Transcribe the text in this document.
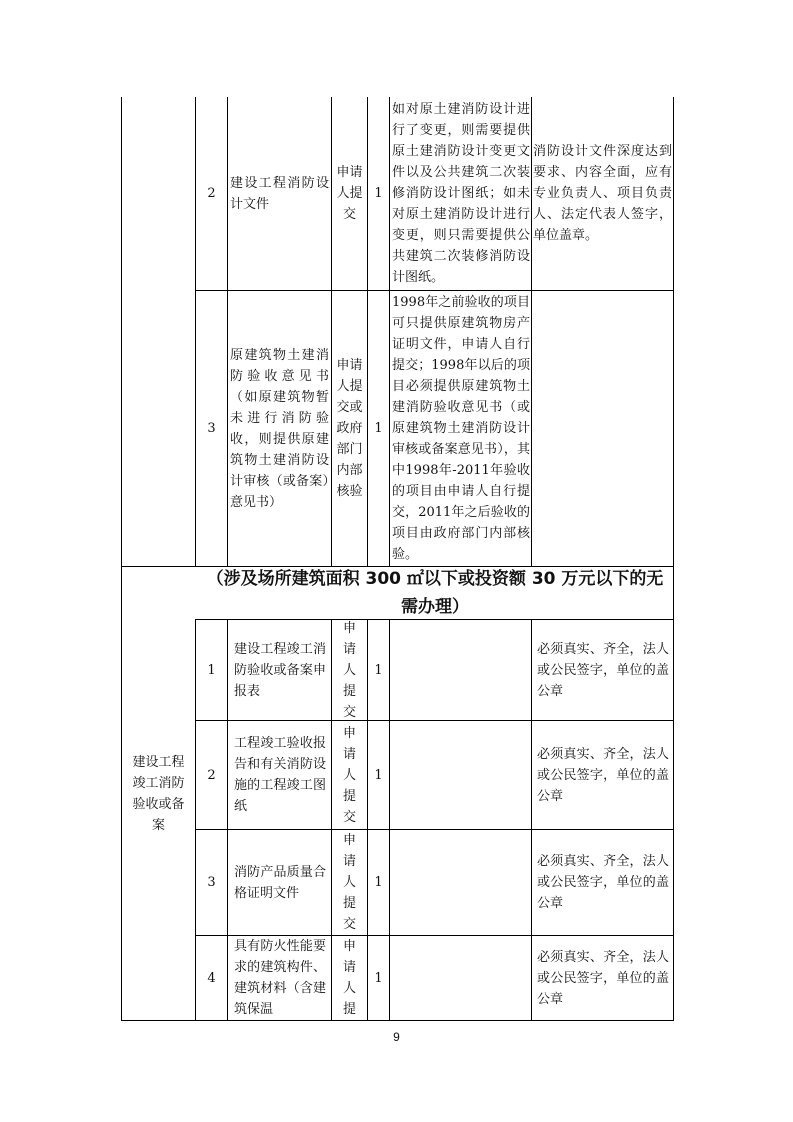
2
建设工程消防设计文件
申请人提交
1
如对原土建消防设计进行了变更，则需要提供原土建消防设计变更文件以及公共建筑二次装修消防设计图纸；如未对原土建消防设计进行变更，则只需要提供公共建筑二次装修消防设计图纸。
消防设计文件深度达到要求、内容全面，应有专业负责人、项目负责人、法定代表人签字，单位盖章。
3
原建筑物土建消防验收意见书（如原建筑物暂未进行消防验收，则提供原建筑物土建消防设计审核（或备案）意见书）
申请人提交或政府部门内部核验
1
1998年之前验收的项目可只提供原建筑物房产证明文件，申请人自行提交；1998年以后的项目必须提供原建筑物土建消防验收意见书（或原建筑物土建消防设计审核或备案意见书），其中1998年-2011年验收的项目由申请人自行提交，2011年之后验收的项目由政府部门内部核验。
建设工程竣工消防验收或备案
（涉及场所建筑面积 300 ㎡以下或投资额 30 万元以下的无需办理）
1
建设工程竣工消防验收或备案申报表
申请人提交
1
必须真实、齐全，法人或公民签字，单位的盖公章
2
工程竣工验收报告和有关消防设施的工程竣工图纸
申请人提交
1
必须真实、齐全，法人或公民签字，单位的盖公章
3
消防产品质量合格证明文件
申请人提交
1
必须真实、齐全，法人或公民签字，单位的盖公章
4
具有防火性能要求的建筑构件、建筑材料（含建筑保温
申请人提
1
必须真实、齐全，法人或公民签字，单位的盖公章
9
